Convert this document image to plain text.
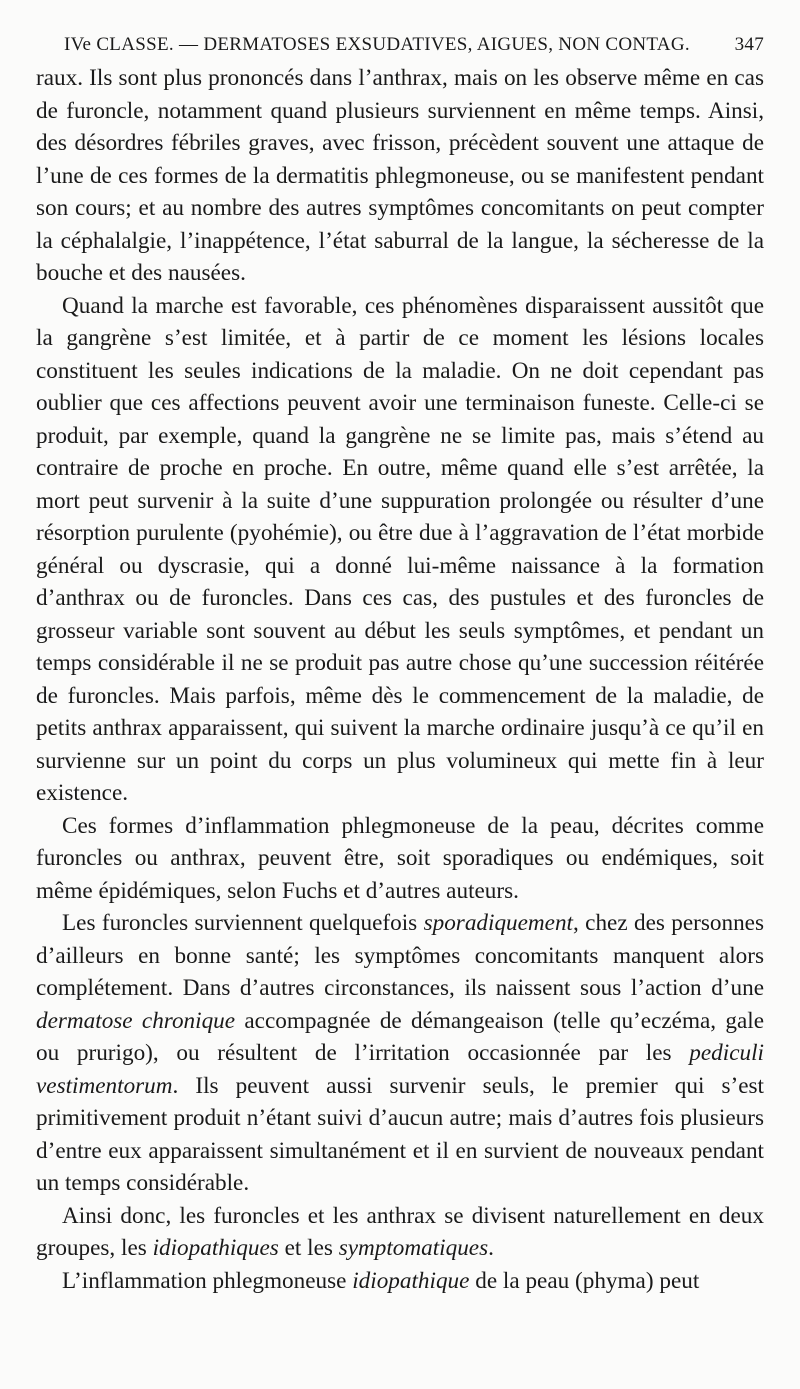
IVe CLASSE. — DERMATOSES EXSUDATIVES, AIGUES, NON CONTAG. 347

raux. Ils sont plus prononcés dans l’anthrax, mais on les observe même en cas de furoncle, notamment quand plusieurs surviennent en même temps. Ainsi, des désordres fébriles graves, avec frisson, précèdent souvent une attaque de l’une de ces formes de la dermatitis phlegmoneuse, ou se manifestent pendant son cours; et au nombre des autres symptômes concomitants on peut compter la céphalalgie, l’inappétence, l’état saburral de la langue, la sécheresse de la bouche et des nausées.

Quand la marche est favorable, ces phénomènes disparaissent aussitôt que la gangrène s’est limitée, et à partir de ce moment les lésions locales constituent les seules indications de la maladie. On ne doit cependant pas oublier que ces affections peuvent avoir une terminaison funeste. Celle-ci se produit, par exemple, quand la gangrène ne se limite pas, mais s’étend au contraire de proche en proche. En outre, même quand elle s’est arrêtée, la mort peut survenir à la suite d’une suppuration prolongée ou résulter d’une résorption purulente (pyohémie), ou être due à l’aggravation de l’état morbide général ou dyscrasie, qui a donné lui-même naissance à la formation d’anthrax ou de furoncles. Dans ces cas, des pustules et des furoncles de grosseur variable sont souvent au début les seuls symptômes, et pendant un temps considérable il ne se produit pas autre chose qu’une succession réitérée de furoncles. Mais parfois, même dès le commencement de la maladie, de petits anthrax apparaissent, qui suivent la marche ordinaire jusqu’à ce qu’il en survienne sur un point du corps un plus volumineux qui mette fin à leur existence.

Ces formes d’inflammation phlegmoneuse de la peau, décrites comme furoncles ou anthrax, peuvent être, soit sporadiques ou endémiques, soit même épidémiques, selon Fuchs et d’autres auteurs.

Les furoncles surviennent quelquefois sporadiquement, chez des personnes d’ailleurs en bonne santé; les symptômes concomitants manquent alors complétement. Dans d’autres circonstances, ils naissent sous l’action d’une dermatose chronique accompagnée de démangeaison (telle qu’eczéma, gale ou prurigo), ou résultent de l’irritation occasionnée par les pediculi vestimentorum. Ils peuvent aussi survenir seuls, le premier qui s’est primitivement produit n’étant suivi d’aucun autre; mais d’autres fois plusieurs d’entre eux apparaissent simultanément et il en survient de nouveaux pendant un temps considérable.

Ainsi donc, les furoncles et les anthrax se divisent naturellement en deux groupes, les idiopathiques et les symptomatiques.

L’inflammation phlegmoneuse idiopathique de la peau (phyma) peut
